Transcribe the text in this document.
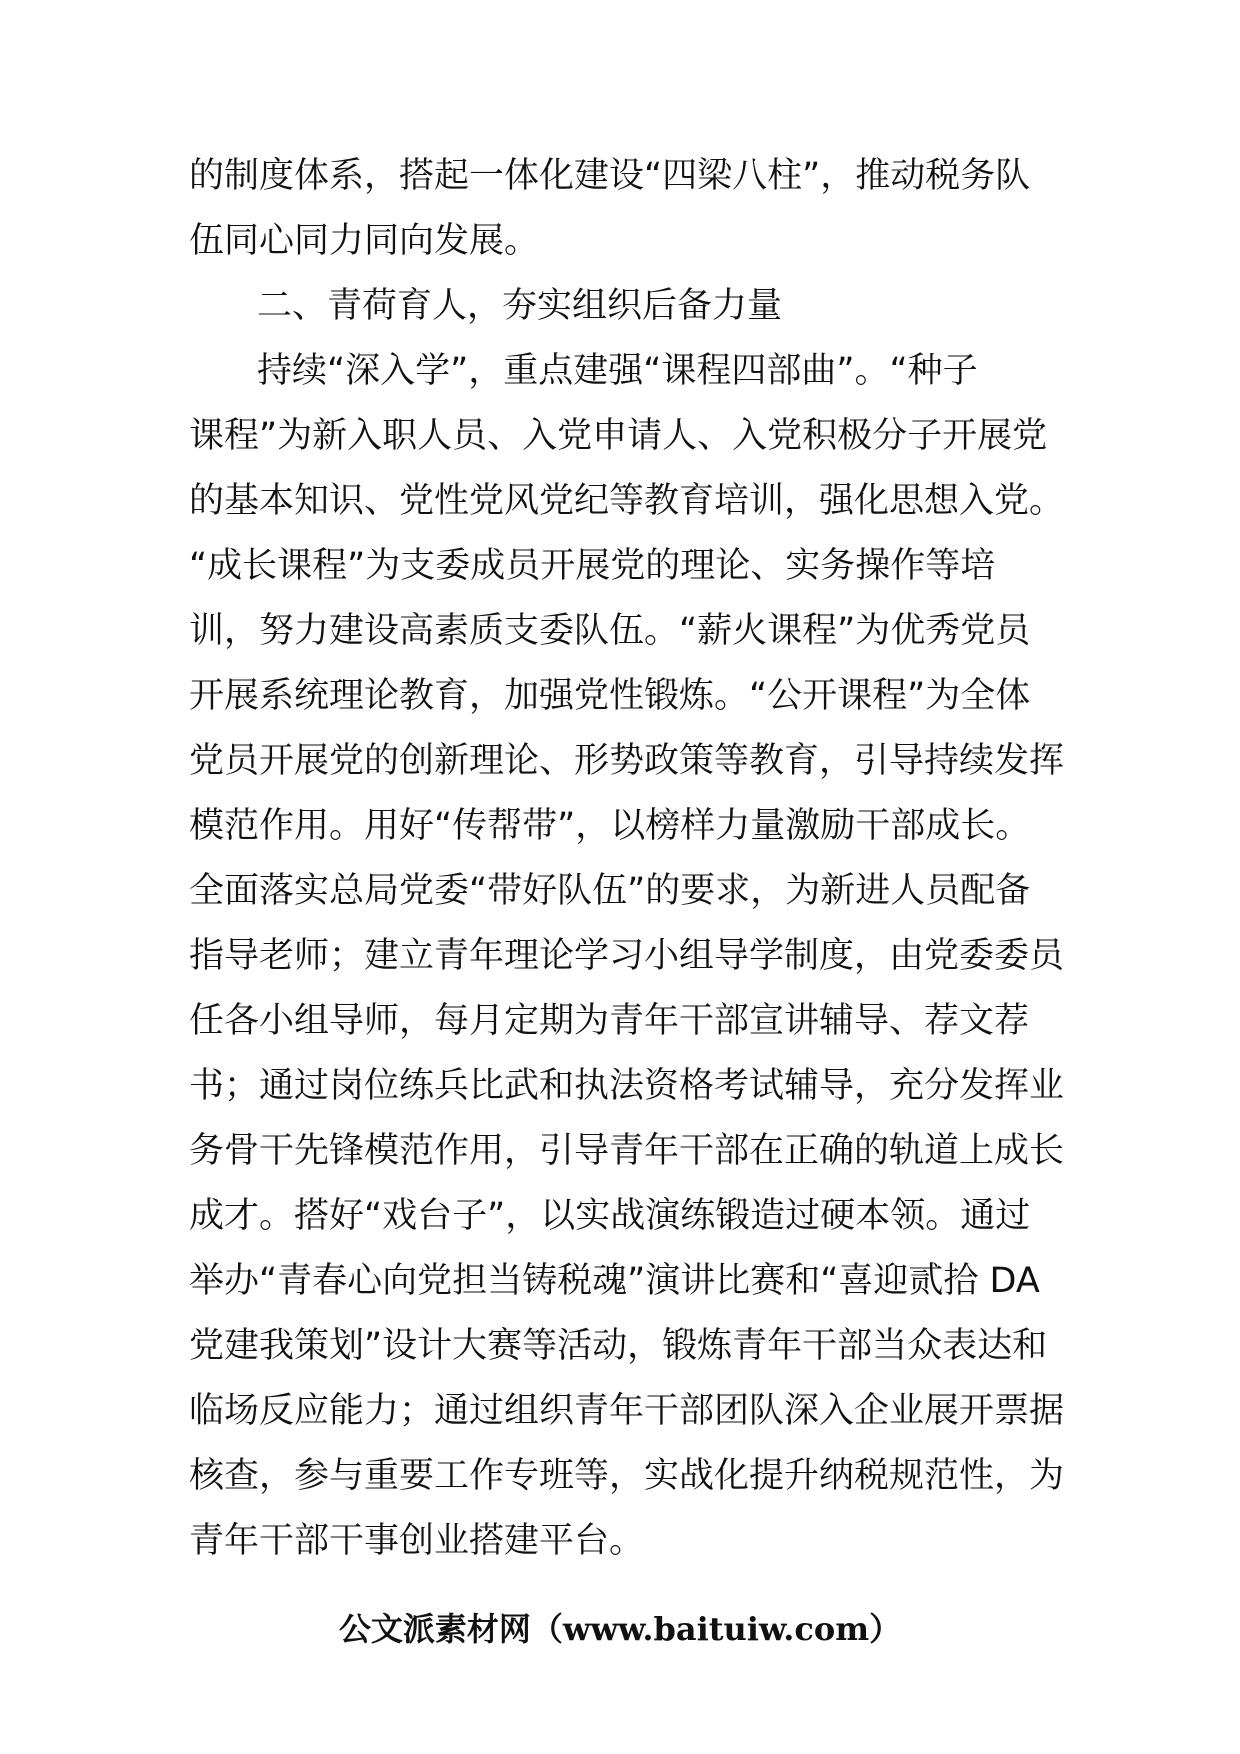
的制度体系，搭起一体化建设“四梁八柱”，推动税务队
伍同心同力同向发展。
二、青荷育人，夯实组织后备力量
持续“深入学”，重点建强“课程四部曲”。“种子
课程”为新入职人员、入党申请人、入党积极分子开展党
的基本知识、党性党风党纪等教育培训，强化思想入党。
“成长课程”为支委成员开展党的理论、实务操作等培
训，努力建设高素质支委队伍。“薪火课程”为优秀党员
开展系统理论教育，加强党性锻炼。“公开课程”为全体
党员开展党的创新理论、形势政策等教育，引导持续发挥
模范作用。用好“传帮带”，以榜样力量激励干部成长。
全面落实总局党委“带好队伍”的要求，为新进人员配备
指导老师；建立青年理论学习小组导学制度，由党委委员
任各小组导师，每月定期为青年干部宣讲辅导、荐文荐
书；通过岗位练兵比武和执法资格考试辅导，充分发挥业
务骨干先锋模范作用，引导青年干部在正确的轨道上成长
成才。搭好“戏台子”，以实战演练锻造过硬本领。通过
举办“青春心向党担当铸税魂”演讲比赛和“喜迎贰拾 DA
党建我策划”设计大赛等活动，锻炼青年干部当众表达和
临场反应能力；通过组织青年干部团队深入企业展开票据
核查，参与重要工作专班等，实战化提升纳税规范性，为
青年干部干事创业搭建平台。
公文派素材网（www.baituiw.com）
